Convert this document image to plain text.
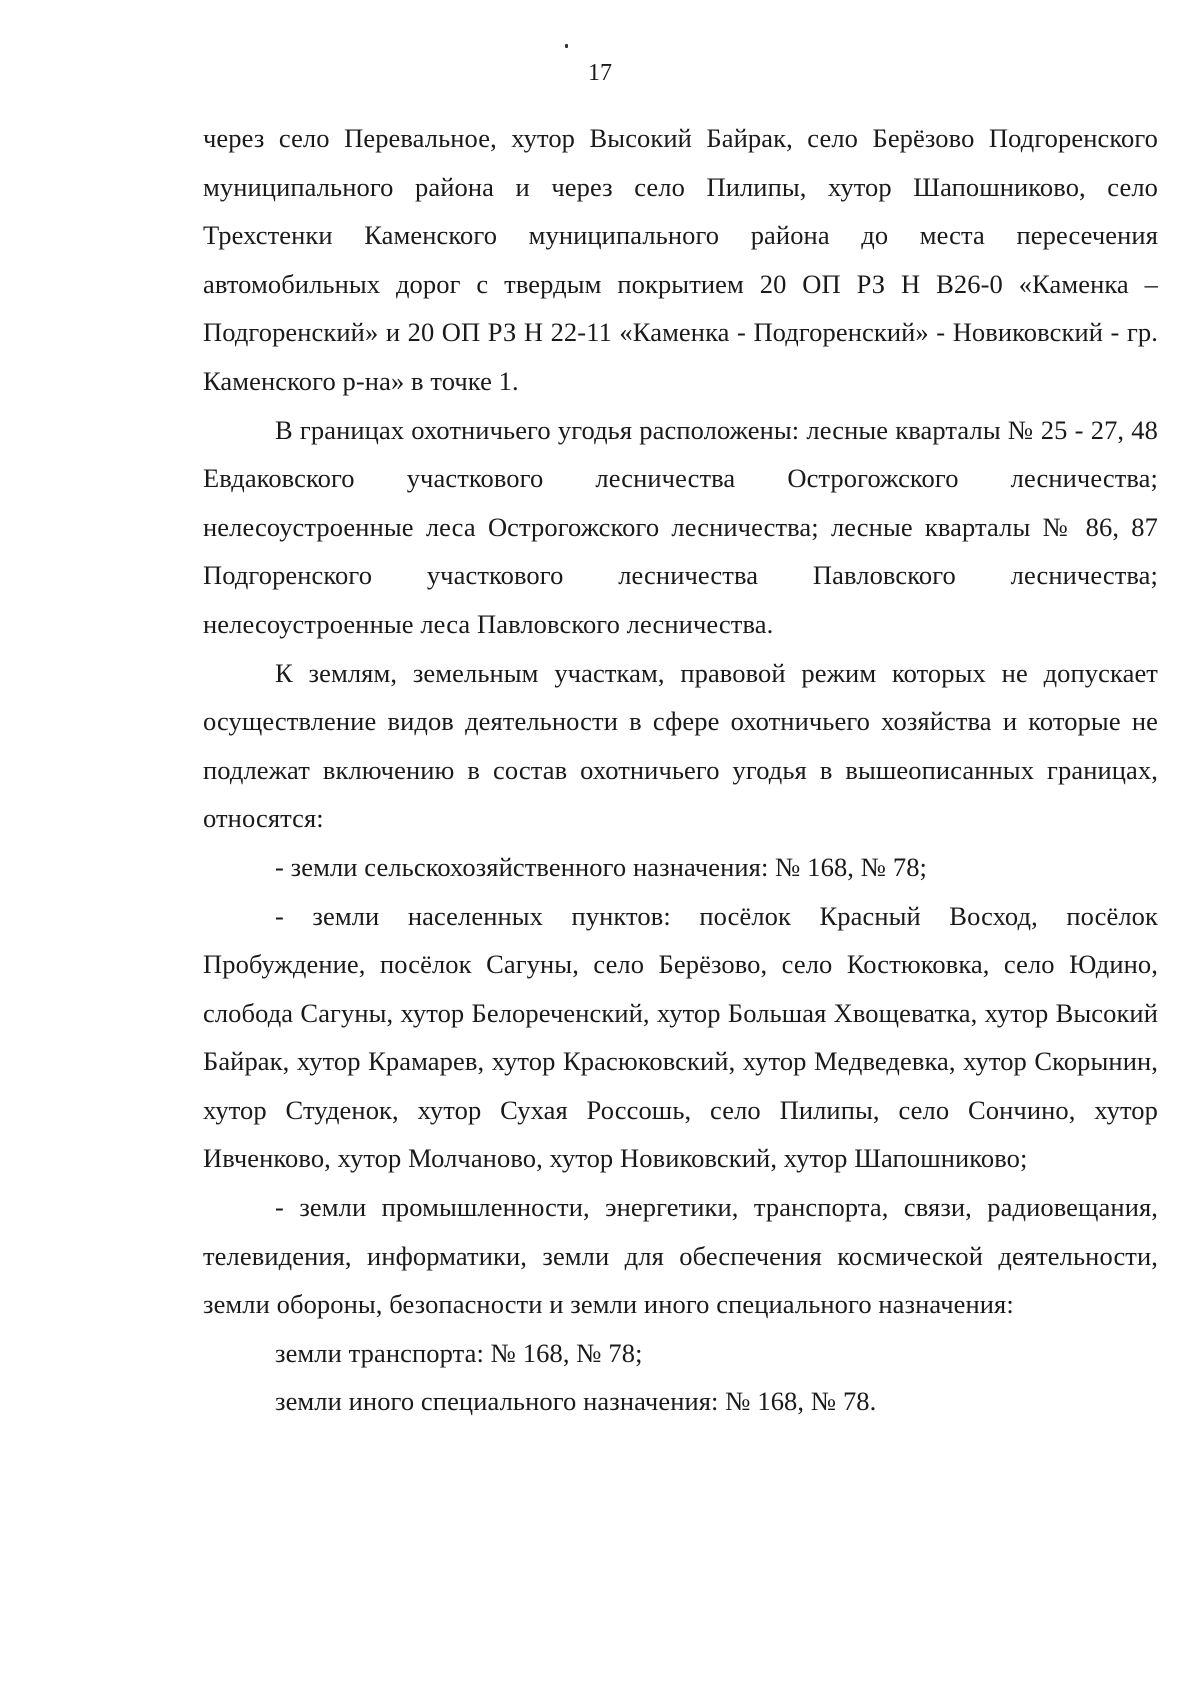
17

через село Перевальное, хутор Высокий Байрак, село Берёзово Подгоренского муниципального района и через село Пилипы, хутор Шапошниково, село Трехстенки Каменского муниципального района до места пересечения автомобильных дорог с твердым покрытием 20 ОП РЗ Н В26-0 «Каменка – Подгоренский» и 20 ОП РЗ Н 22-11 «Каменка - Подгоренский» - Новиковский - гр. Каменского р-на» в точке 1.

В границах охотничьего угодья расположены: лесные кварталы № 25 - 27, 48 Евдаковского участкового лесничества Острогожского лесничества; нелесоустроенные леса Острогожского лесничества; лесные кварталы № 86, 87 Подгоренского участкового лесничества Павловского лесничества; нелесоустроенные леса Павловского лесничества.

К землям, земельным участкам, правовой режим которых не допускает осуществление видов деятельности в сфере охотничьего хозяйства и которые не подлежат включению в состав охотничьего угодья в вышеописанных границах, относятся:

- земли сельскохозяйственного назначения: № 168, № 78;

- земли населенных пунктов: посёлок Красный Восход, посёлок Пробуждение, посёлок Сагуны, село Берёзово, село Костюковка, село Юдино, слобода Сагуны, хутор Белореченский, хутор Большая Хвощеватка, хутор Высокий Байрак, хутор Крамарев, хутор Красюковский, хутор Медведевка, хутор Скорынин, хутор Студенок, хутор Сухая Россошь, село Пилипы, село Сончино, хутор Ивченково, хутор Молчаново, хутор Новиковский, хутор Шапошниково;

- земли промышленности, энергетики, транспорта, связи, радиовещания, телевидения, информатики, земли для обеспечения космической деятельности, земли обороны, безопасности и земли иного специального назначения:

земли транспорта: № 168, № 78;

земли иного специального назначения: № 168, № 78.
